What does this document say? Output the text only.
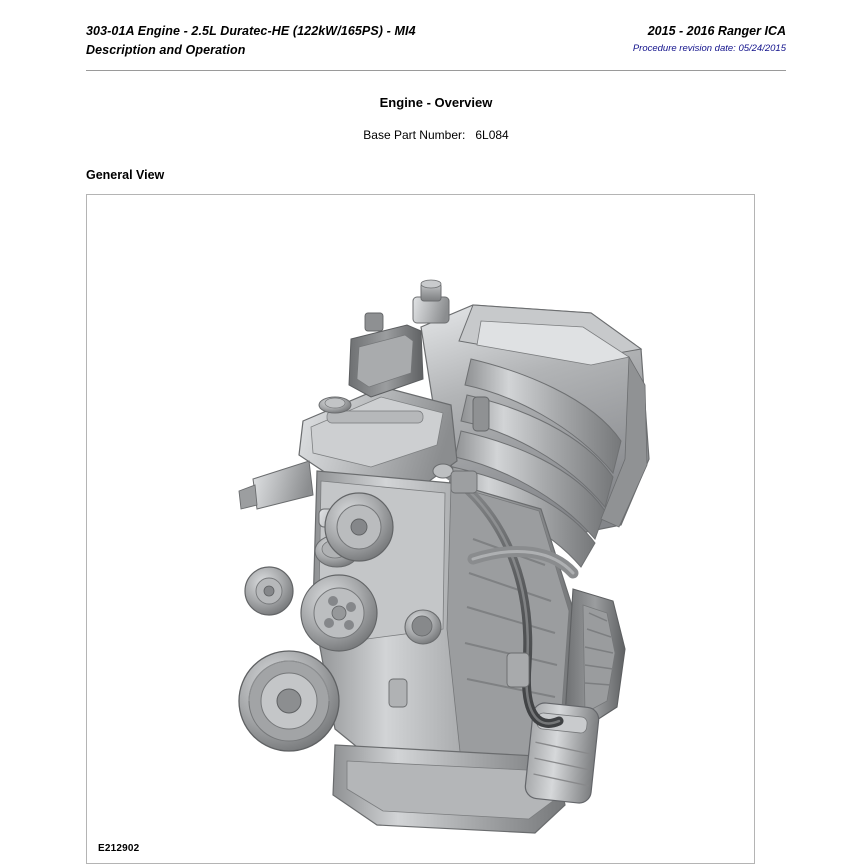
303-01A Engine - 2.5L Duratec-HE (122kW/165PS) - MI4
Description and Operation
2015 - 2016 Ranger ICA
Procedure revision date: 05/24/2015
Engine - Overview
Base Part Number: 6L084
General View
E212902
